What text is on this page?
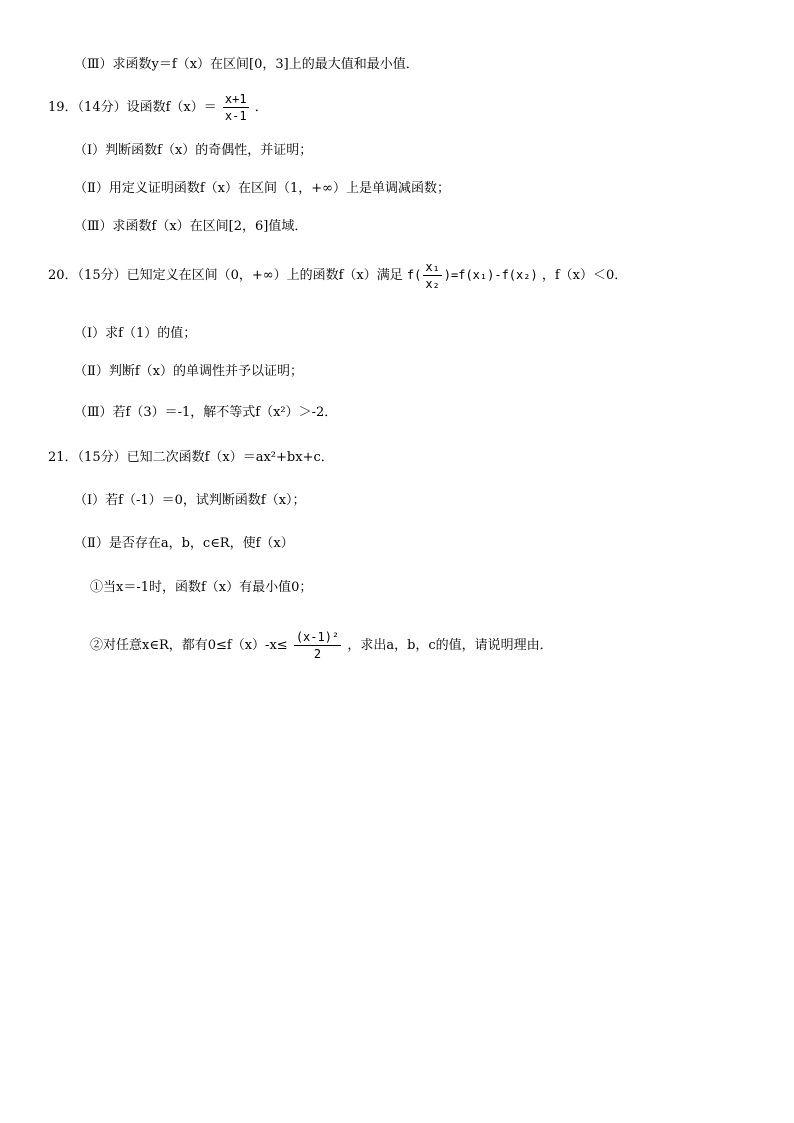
（Ⅲ）求函数y＝f（x）在区间[0，3]上的最大值和最小值．
19．（14分）设函数$f(x)= \frac{x+1}{x-1}$ ．
（Ⅰ）判断函数f（x）的奇偶性，并证明；
（Ⅱ）用定义证明函数f（x）在区间（1，+∞）上是单调减函数；
（Ⅲ）求函数f（x）在区间[2，6]值域．
20．（15分）已知定义在区间（0，+∞）上的函数f（x）满足 $f( \frac{\text{x₁}}{\text{x₂}} )=f(x_1)-f(x_2)$ ，f（x）＜0．
（Ⅰ）求f（1）的值；
（Ⅱ）判断f（x）的单调性并予以证明；
（Ⅲ）若f（3）＝-1，解不等式f（x²）＞-2．
21．（15分）已知二次函数f（x）＝ax²+bx+c．
（Ⅰ）若f（-1）＝0，试判断函数f（x）；
（Ⅱ）是否存在a，b，c∈R，使f（x）
①当x＝-1时，函数f（x）有最小值0；
②对任意x∈R，都有$0\le f(x)-x\le \frac{\text{(x-1)²}}{2}$ ，求出a，b，c的值，请说明理由．
